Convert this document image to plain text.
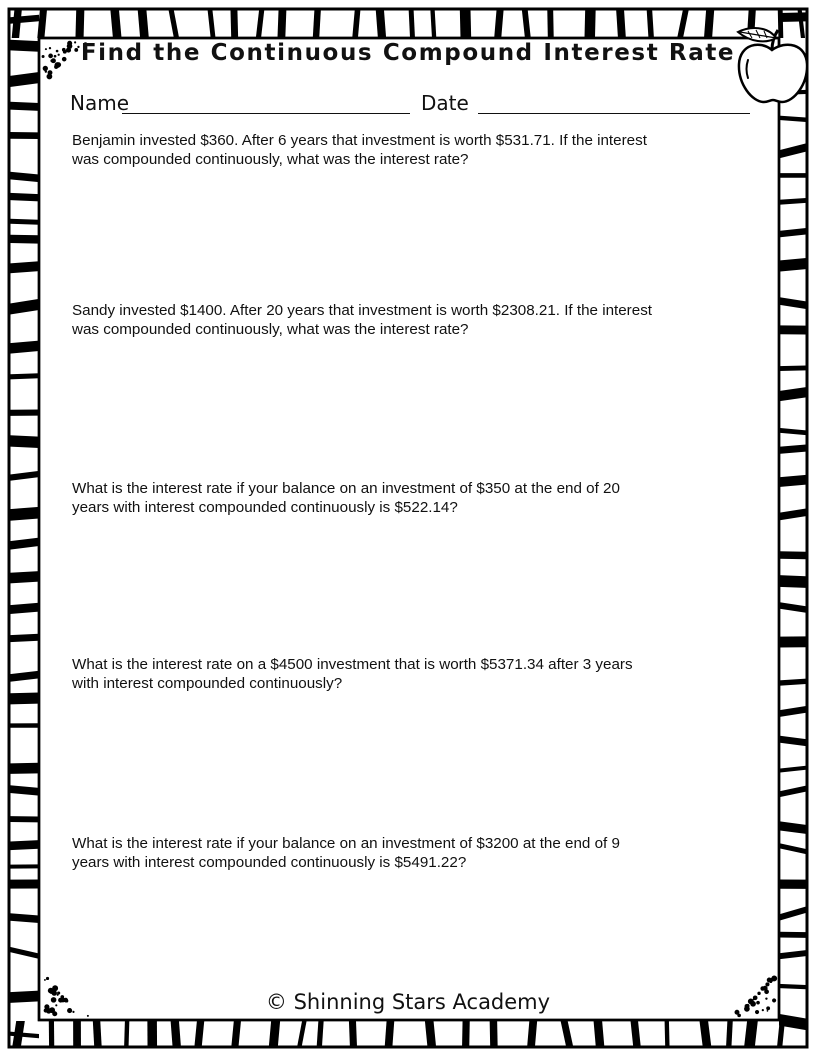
Find the Continuous Compound Interest Rate
Name	Date
Benjamin invested $360. After 6 years that investment is worth $531.71. If the interest
was compounded continuously, what was the interest rate?
Sandy invested $1400. After 20 years that investment is worth $2308.21. If the interest
was compounded continuously, what was the interest rate?
What is the interest rate if your balance on an investment of $350 at the end of 20
years with interest compounded continuously is $522.14?
What is the interest rate on a $4500 investment that is worth $5371.34 after 3 years
with interest compounded continuously?
What is the interest rate if your balance on an investment of $3200 at the end of 9
years with interest compounded continuously is $5491.22?
© Shinning Stars Academy
